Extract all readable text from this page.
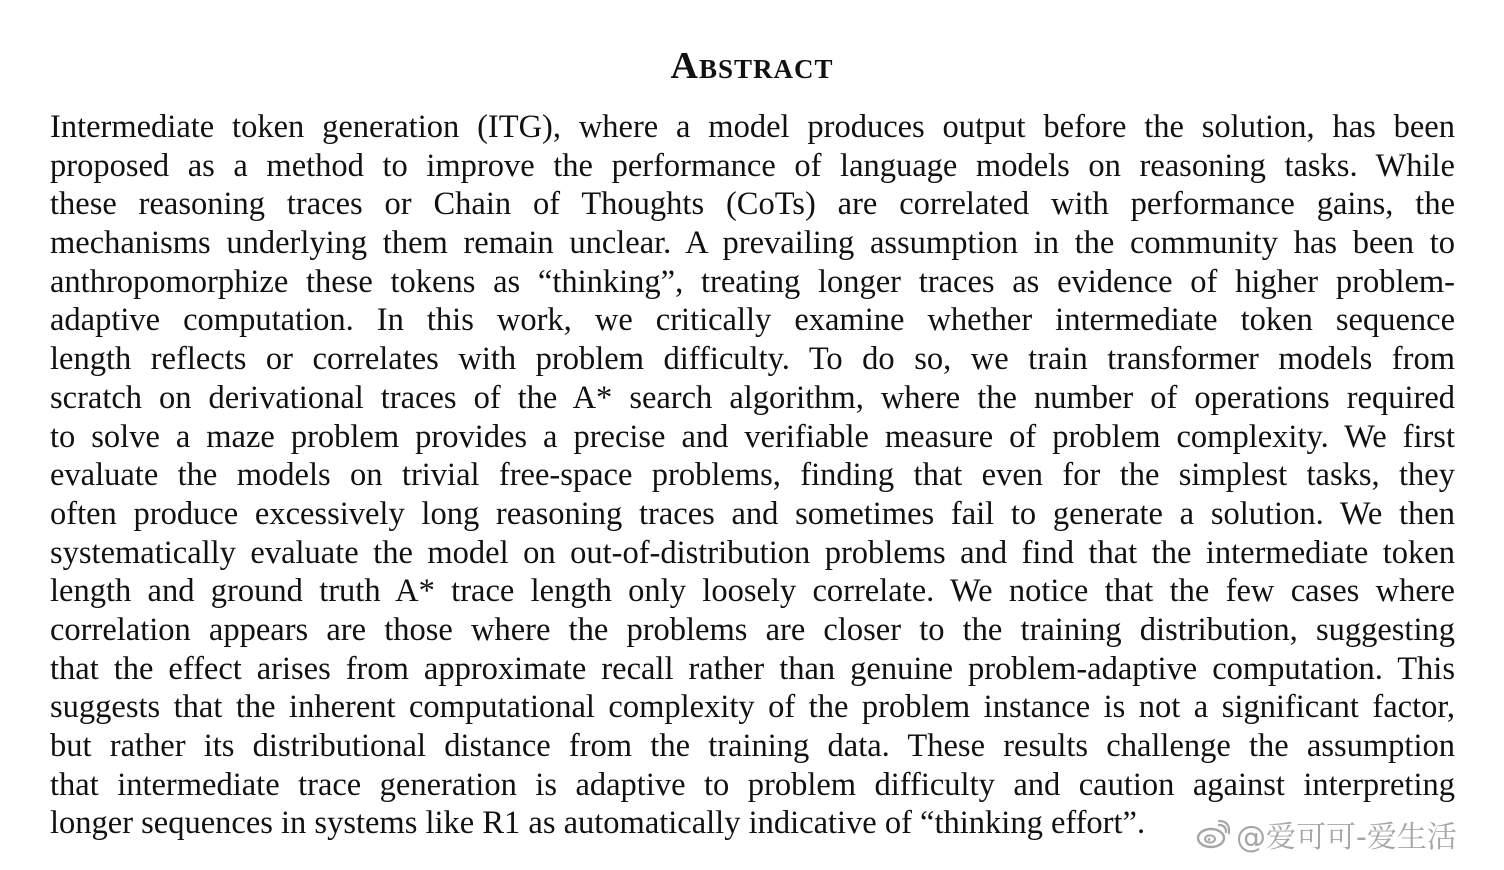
Abstract
Intermediate token generation (ITG), where a model produces output before the solution, has been
proposed as a method to improve the performance of language models on reasoning tasks. While
these reasoning traces or Chain of Thoughts (CoTs) are correlated with performance gains, the
mechanisms underlying them remain unclear. A prevailing assumption in the community has been to
anthropomorphize these tokens as “thinking”, treating longer traces as evidence of higher problem-
adaptive computation. In this work, we critically examine whether intermediate token sequence
length reflects or correlates with problem difficulty. To do so, we train transformer models from
scratch on derivational traces of the A* search algorithm, where the number of operations required
to solve a maze problem provides a precise and verifiable measure of problem complexity. We first
evaluate the models on trivial free-space problems, finding that even for the simplest tasks, they
often produce excessively long reasoning traces and sometimes fail to generate a solution. We then
systematically evaluate the model on out-of-distribution problems and find that the intermediate token
length and ground truth A* trace length only loosely correlate. We notice that the few cases where
correlation appears are those where the problems are closer to the training distribution, suggesting
that the effect arises from approximate recall rather than genuine problem-adaptive computation. This
suggests that the inherent computational complexity of the problem instance is not a significant factor,
but rather its distributional distance from the training data. These results challenge the assumption
that intermediate trace generation is adaptive to problem difficulty and caution against interpreting
longer sequences in systems like R1 as automatically indicative of “thinking effort”.	@爱可可-爱生活
